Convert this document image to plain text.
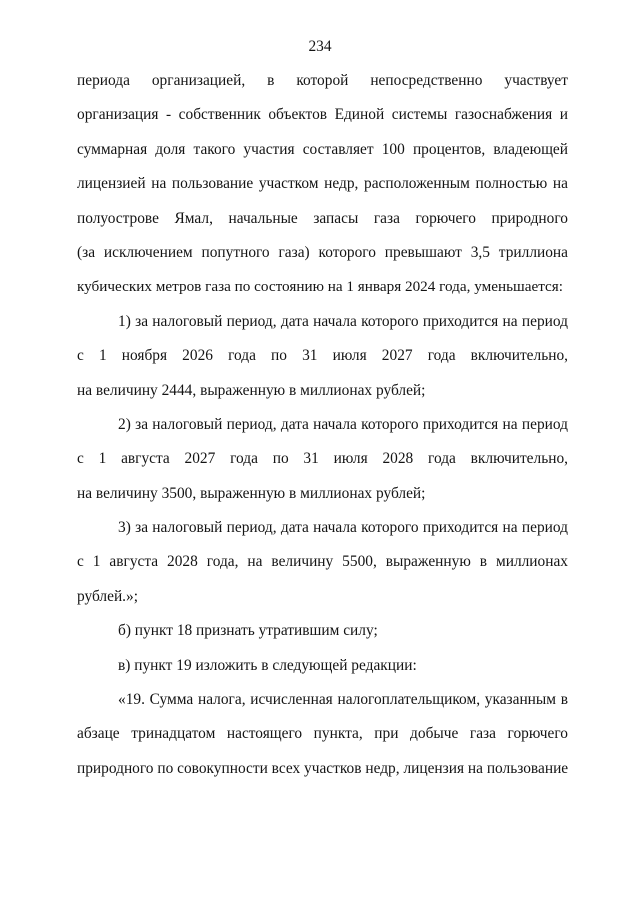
234
периода организацией, в которой непосредственно участвует
организация - собственник объектов Единой системы газоснабжения и
суммарная доля такого участия составляет 100 процентов, владеющей
лицензией на пользование участком недр, расположенным полностью на
полуострове Ямал, начальные запасы газа горючего природного
(за исключением попутного газа) которого превышают 3,5 триллиона
кубических метров газа по состоянию на 1 января 2024 года, уменьшается:
1) за налоговый период, дата начала которого приходится на период
с 1 ноября 2026 года по 31 июля 2027 года включительно,
на величину 2444, выраженную в миллионах рублей;
2) за налоговый период, дата начала которого приходится на период
с 1 августа 2027 года по 31 июля 2028 года включительно,
на величину 3500, выраженную в миллионах рублей;
3) за налоговый период, дата начала которого приходится на период
с 1 августа 2028 года, на величину 5500, выраженную в миллионах
рублей.»;
б) пункт 18 признать утратившим силу;
в) пункт 19 изложить в следующей редакции:
«19. Сумма налога, исчисленная налогоплательщиком, указанным в
абзаце тринадцатом настоящего пункта, при добыче газа горючего
природного по совокупности всех участков недр, лицензия на пользование
